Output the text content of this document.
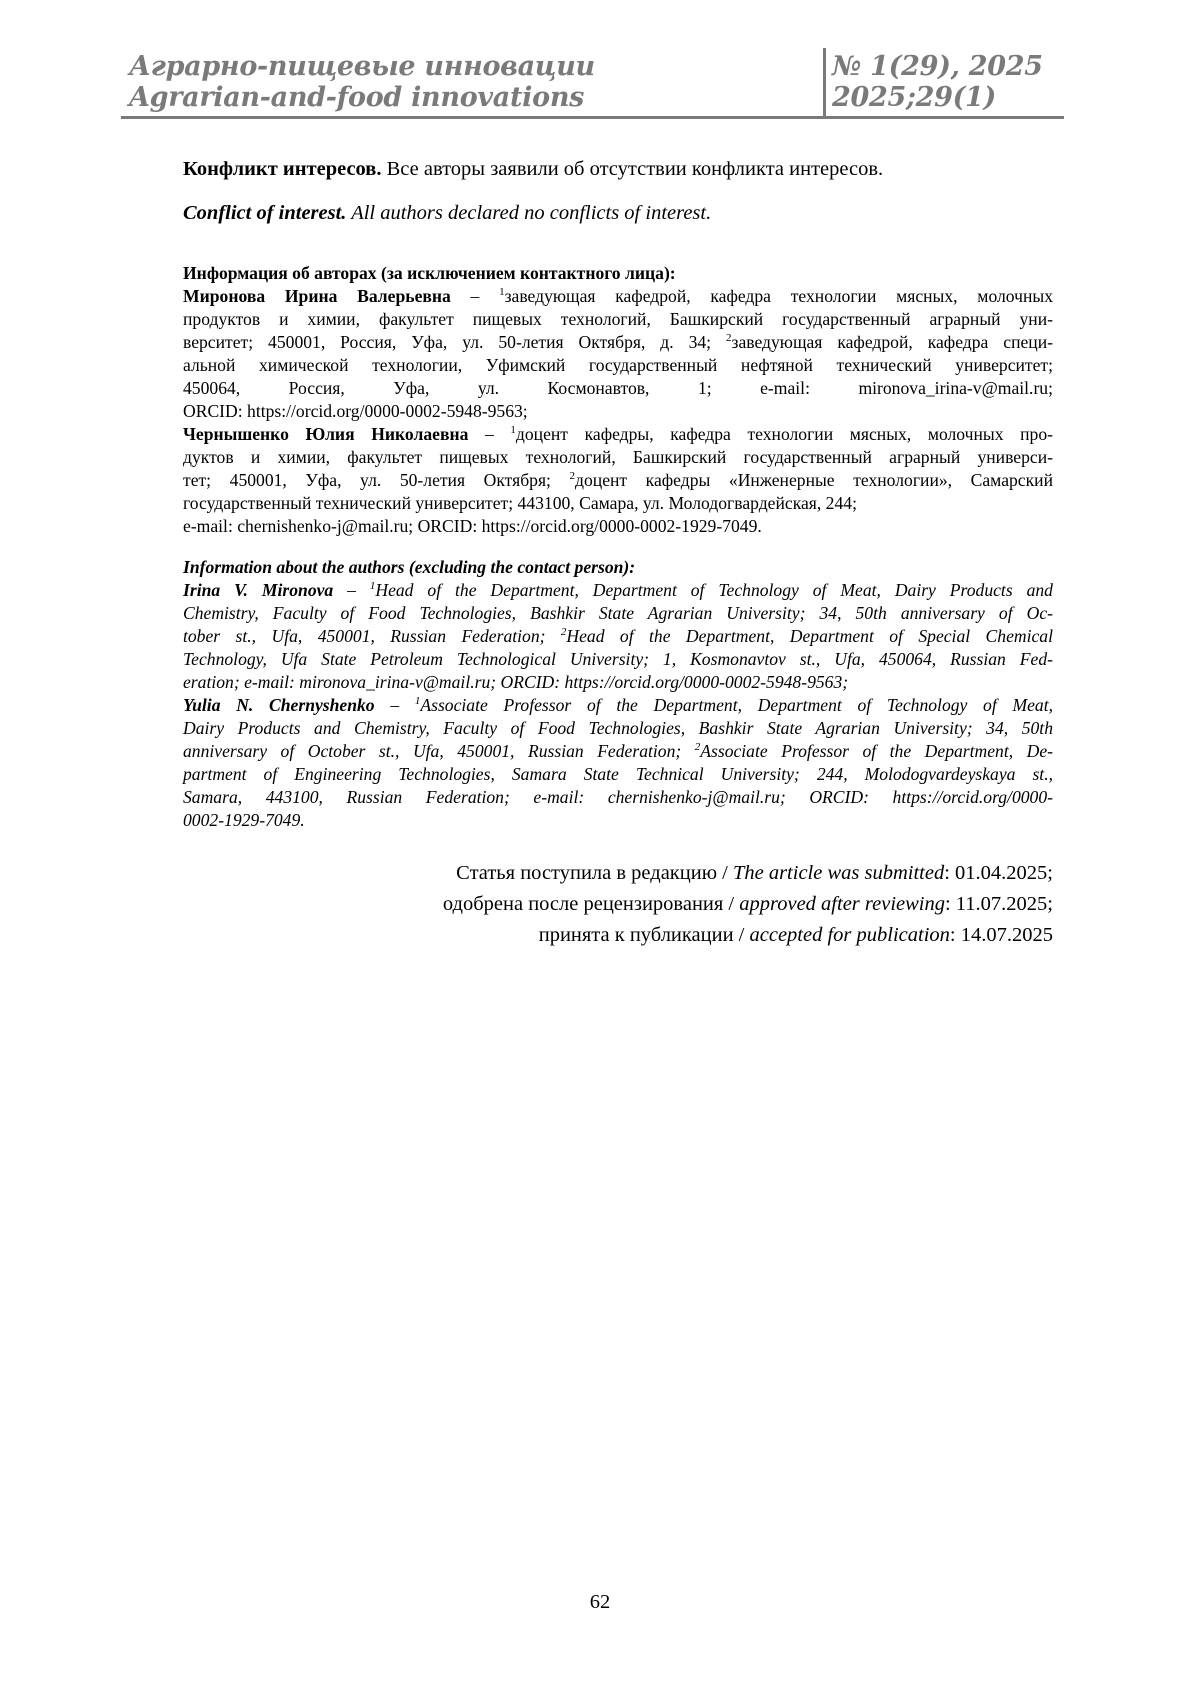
Аграрно-пищевые инновации
Agrarian-and-food innovations
№ 1(29), 2025
2025;29(1)
Конфликт интересов. Все авторы заявили об отсутствии конфликта интересов.
Conflict of interest. All authors declared no conflicts of interest.
Информация об авторах (за исключением контактного лица):
Миронова Ирина Валерьевна – 1заведующая кафедрой, кафедра технологии мясных, молочных
продуктов и химии, факультет пищевых технологий, Башкирский государственный аграрный уни-
верситет; 450001, Россия, Уфа, ул. 50-летия Октября, д. 34; 2заведующая кафедрой, кафедра специ-
альной химической технологии, Уфимский государственный нефтяной технический университет;
450064, Россия, Уфа, ул. Космонавтов, 1; e-mail: mironova_irina-v@mail.ru;
ORCID: https://orcid.org/0000-0002-5948-9563;
Чернышенко Юлия Николаевна – 1доцент кафедры, кафедра технологии мясных, молочных про-
дуктов и химии, факультет пищевых технологий, Башкирский государственный аграрный универси-
тет; 450001, Уфа, ул. 50-летия Октября; 2доцент кафедры «Инженерные технологии», Самарский
государственный технический университет; 443100, Самара, ул. Молодогвардейская, 244;
e-mail: chernishenko-j@mail.ru; ORCID: https://orcid.org/0000-0002-1929-7049.
Information about the authors (excluding the contact person):
Irina V. Mironova – 1Head of the Department, Department of Technology of Meat, Dairy Products and
Chemistry, Faculty of Food Technologies, Bashkir State Agrarian University; 34, 50th anniversary of Oc-
tober st., Ufa, 450001, Russian Federation; 2Head of the Department, Department of Special Chemical
Technology, Ufa State Petroleum Technological University; 1, Kosmonavtov st., Ufa, 450064, Russian Fed-
eration; e-mail: mironova_irina-v@mail.ru; ORCID: https://orcid.org/0000-0002-5948-9563;
Yulia N. Chernyshenko – 1Associate Professor of the Department, Department of Technology of Meat,
Dairy Products and Chemistry, Faculty of Food Technologies, Bashkir State Agrarian University; 34, 50th
anniversary of October st., Ufa, 450001, Russian Federation; 2Associate Professor of the Department, De-
partment of Engineering Technologies, Samara State Technical University; 244, Molodogvardeyskaya st.,
Samara, 443100, Russian Federation; e-mail: chernishenko-j@mail.ru; ORCID: https://orcid.org/0000-
0002-1929-7049.
Статья поступила в редакцию / The article was submitted: 01.04.2025;
одобрена после рецензирования / approved after reviewing: 11.07.2025;
принята к публикации / accepted for publication: 14.07.2025
62
